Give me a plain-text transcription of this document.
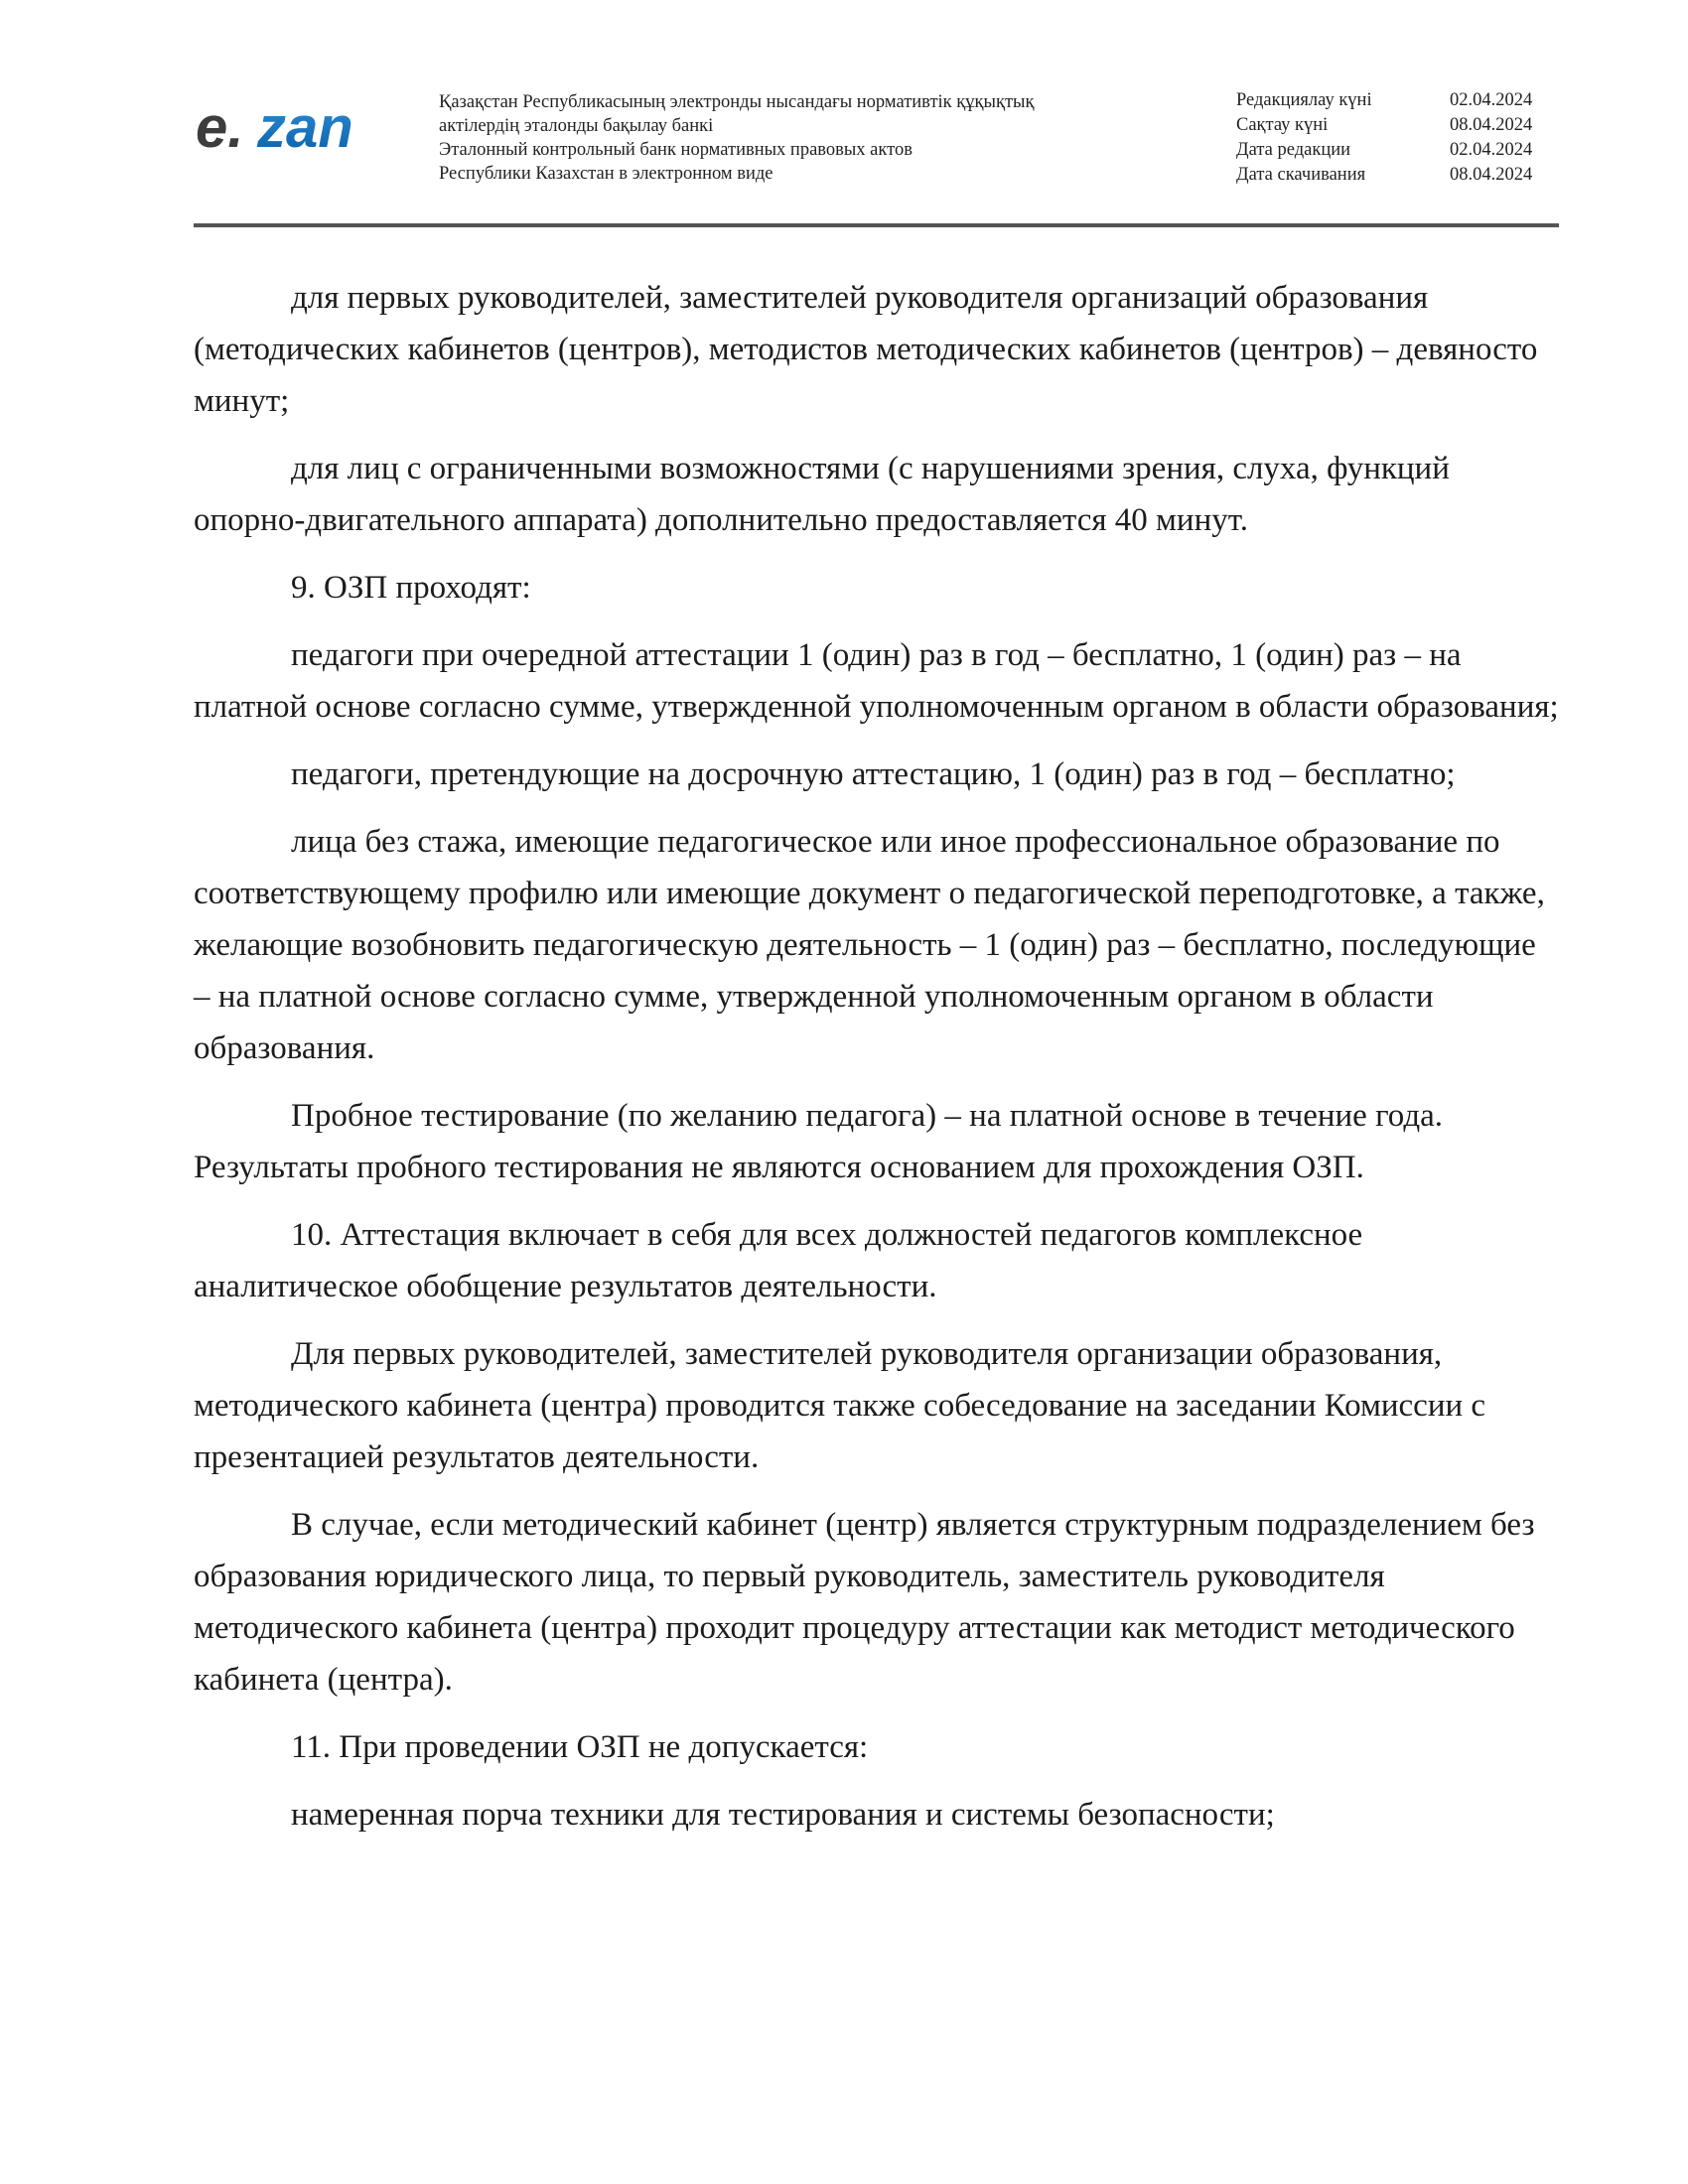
e. zan	Қазақстан Республикасының электронды нысандағы нормативтік құқықтық
актілердің эталонды бақылау банкі
Эталонный контрольный банк нормативных правовых актов
Республики Казахстан в электронном виде
Редакциялау күні	02.04.2024
Сақтау күні	08.04.2024
Дата редакции	02.04.2024
Дата скачивания	08.04.2024

для первых руководителей, заместителей руководителя организаций образования (методических кабинетов (центров), методистов методических кабинетов (центров) – девяносто минут;

для лиц с ограниченными возможностями (с нарушениями зрения, слуха, функций опорно-двигательного аппарата) дополнительно предоставляется 40 минут.

9. ОЗП проходят:

педагоги при очередной аттестации 1 (один) раз в год – бесплатно, 1 (один) раз – на платной основе согласно сумме, утвержденной уполномоченным органом в области образования;

педагоги, претендующие на досрочную аттестацию, 1 (один) раз в год – бесплатно;

лица без стажа, имеющие педагогическое или иное профессиональное образование по соответствующему профилю или имеющие документ о педагогической переподготовке, а также, желающие возобновить педагогическую деятельность – 1 (один) раз – бесплатно, последующие – на платной основе согласно сумме, утвержденной уполномоченным органом в области образования.

Пробное тестирование (по желанию педагога) – на платной основе в течение года. Результаты пробного тестирования не являются основанием для прохождения ОЗП.

10. Аттестация включает в себя для всех должностей педагогов комплексное аналитическое обобщение результатов деятельности.

Для первых руководителей, заместителей руководителя организации образования, методического кабинета (центра) проводится также собеседование на заседании Комиссии с презентацией результатов деятельности.

В случае, если методический кабинет (центр) является структурным подразделением без образования юридического лица, то первый руководитель, заместитель руководителя методического кабинета (центра) проходит процедуру аттестации как методист методического кабинета (центра).

11. При проведении ОЗП не допускается:

намеренная порча техники для тестирования и системы безопасности;
